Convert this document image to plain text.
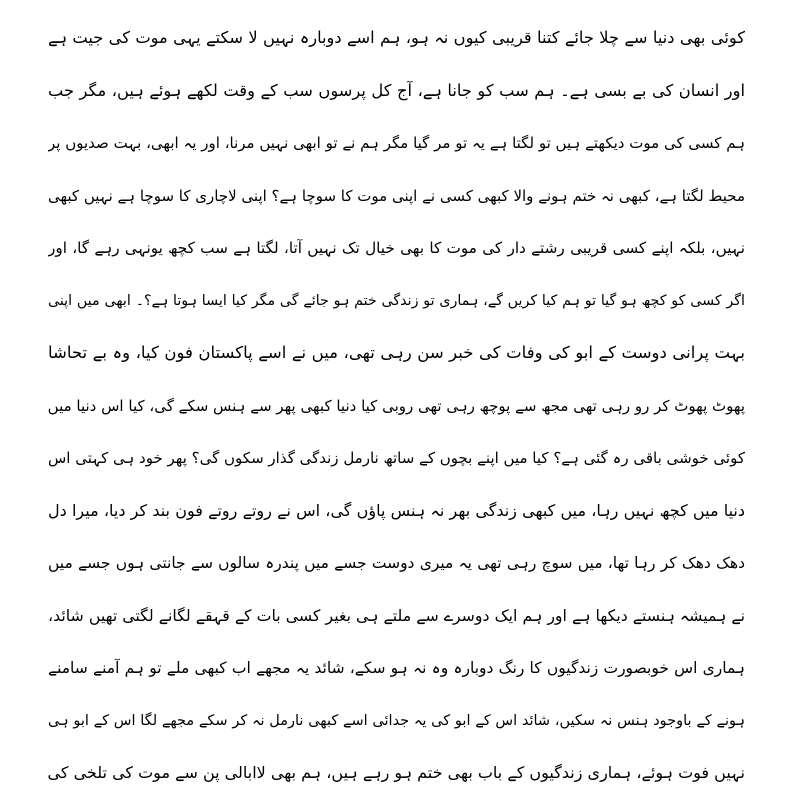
کوئی بھی دنیا سے چلا جائے کتنا قریبی کیوں نہ ہو، ہم اسے دوبارہ نہیں لا سکتے یہی موت کی جیت ہے
اور انسان کی بے بسی ہے۔ ہم سب کو جانا ہے، آج کل پرسوں سب کے وقت لکھے ہوئے ہیں، مگر جب
ہم کسی کی موت دیکھتے ہیں تو لگتا ہے یہ تو مر گیا مگر ہم نے تو ابھی نہیں مرنا، اور یہ ابھی، بہت صدیوں پر
محیط لگتا ہے، کبھی نہ ختم ہونے والا کبھی کسی نے اپنی موت کا سوچا ہے؟ اپنی لاچاری کا سوچا ہے نہیں کبھی
نہیں، بلکہ اپنے کسی قریبی رشتے دار کی موت کا بھی خیال تک نہیں آتا، لگتا ہے سب کچھ یونہی رہے گا، اور
اگر کسی کو کچھ ہو گیا تو ہم کیا کریں گے، ہماری تو زندگی ختم ہو جائے گی مگر کیا ایسا ہوتا ہے؟۔ ابھی میں اپنی
بہت پرانی دوست کے ابو کی وفات کی خبر سن رہی تھی، میں نے اسے پاکستان فون کیا، وہ بے تحاشا
پھوٹ پھوٹ کر رو رہی تھی مجھ سے پوچھ رہی تھی روبی کیا دنیا کبھی پھر سے ہنس سکے گی، کیا اس دنیا میں
کوئی خوشی باقی رہ گئی ہے؟ کیا میں اپنے بچوں کے ساتھ نارمل زندگی گذار سکوں گی؟ پھر خود ہی کہتی اس
دنیا میں کچھ نہیں رہا، میں کبھی زندگی بھر نہ ہنس پاؤں گی، اس نے روتے روتے فون بند کر دیا، میرا دل
دھک دھک کر رہا تھا، میں سوچ رہی تھی یہ میری دوست جسے میں پندرہ سالوں سے جانتی ہوں جسے میں
نے ہمیشہ ہنستے دیکھا ہے اور ہم ایک دوسرے سے ملتے ہی بغیر کسی بات کے قہقے لگانے لگتی تھیں شائد،
ہماری اس خوبصورت زندگیوں کا رنگ دوبارہ وہ نہ ہو سکے، شائد یہ مجھے اب کبھی ملے تو ہم آمنے سامنے
ہونے کے باوجود ہنس نہ سکیں، شائد اس کے ابو کی یہ جدائی اسے کبھی نارمل نہ کر سکے مجھے لگا اس کے ابو ہی
نہیں فوت ہوئے، ہماری زندگیوں کے باب بھی ختم ہو رہے ہیں، ہم بھی لاابالی پن سے موت کی تلخی کی
